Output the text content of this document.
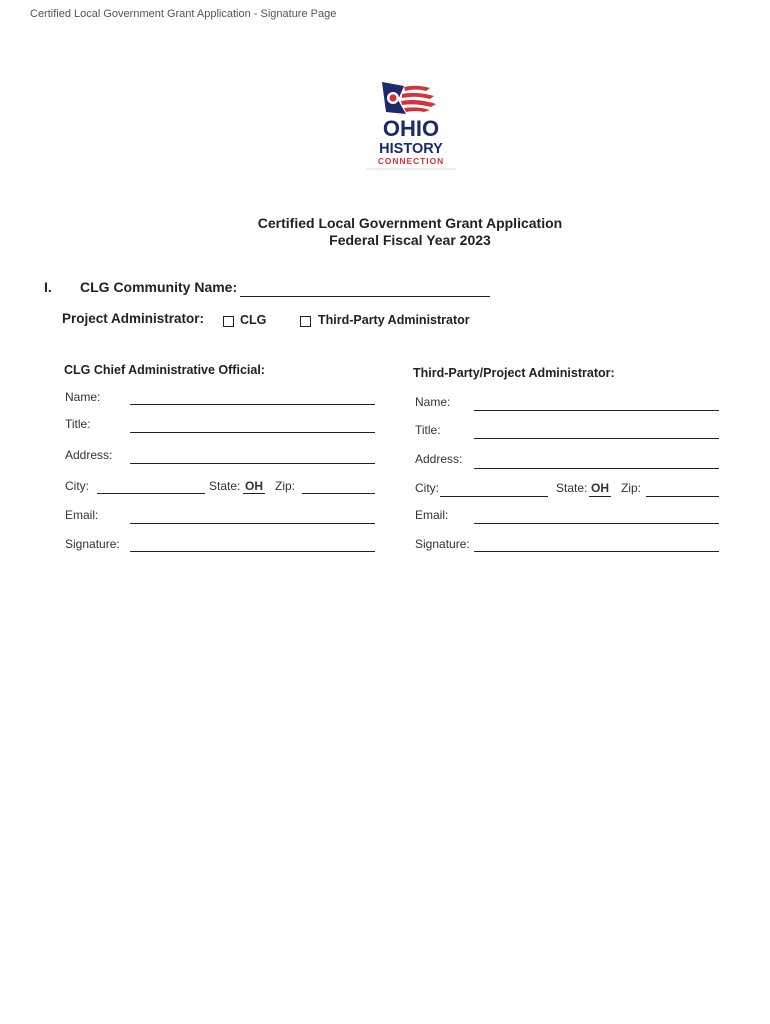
Certified Local Government Grant Application - Signature Page
OHIO
HISTORY
CONNECTION
Certified Local Government Grant Application
Federal Fiscal Year 2023
I. CLG Community Name:
Project Administrator:	CLG	Third-Party Administrator
CLG Chief Administrative Official:
Name:
Title:
Address:
City:	State: OH Zip:
Email:
Signature:
Third-Party/Project Administrator:
Name:
Title:
Address:
City:	State: OH Zip:
Email:
Signature:
